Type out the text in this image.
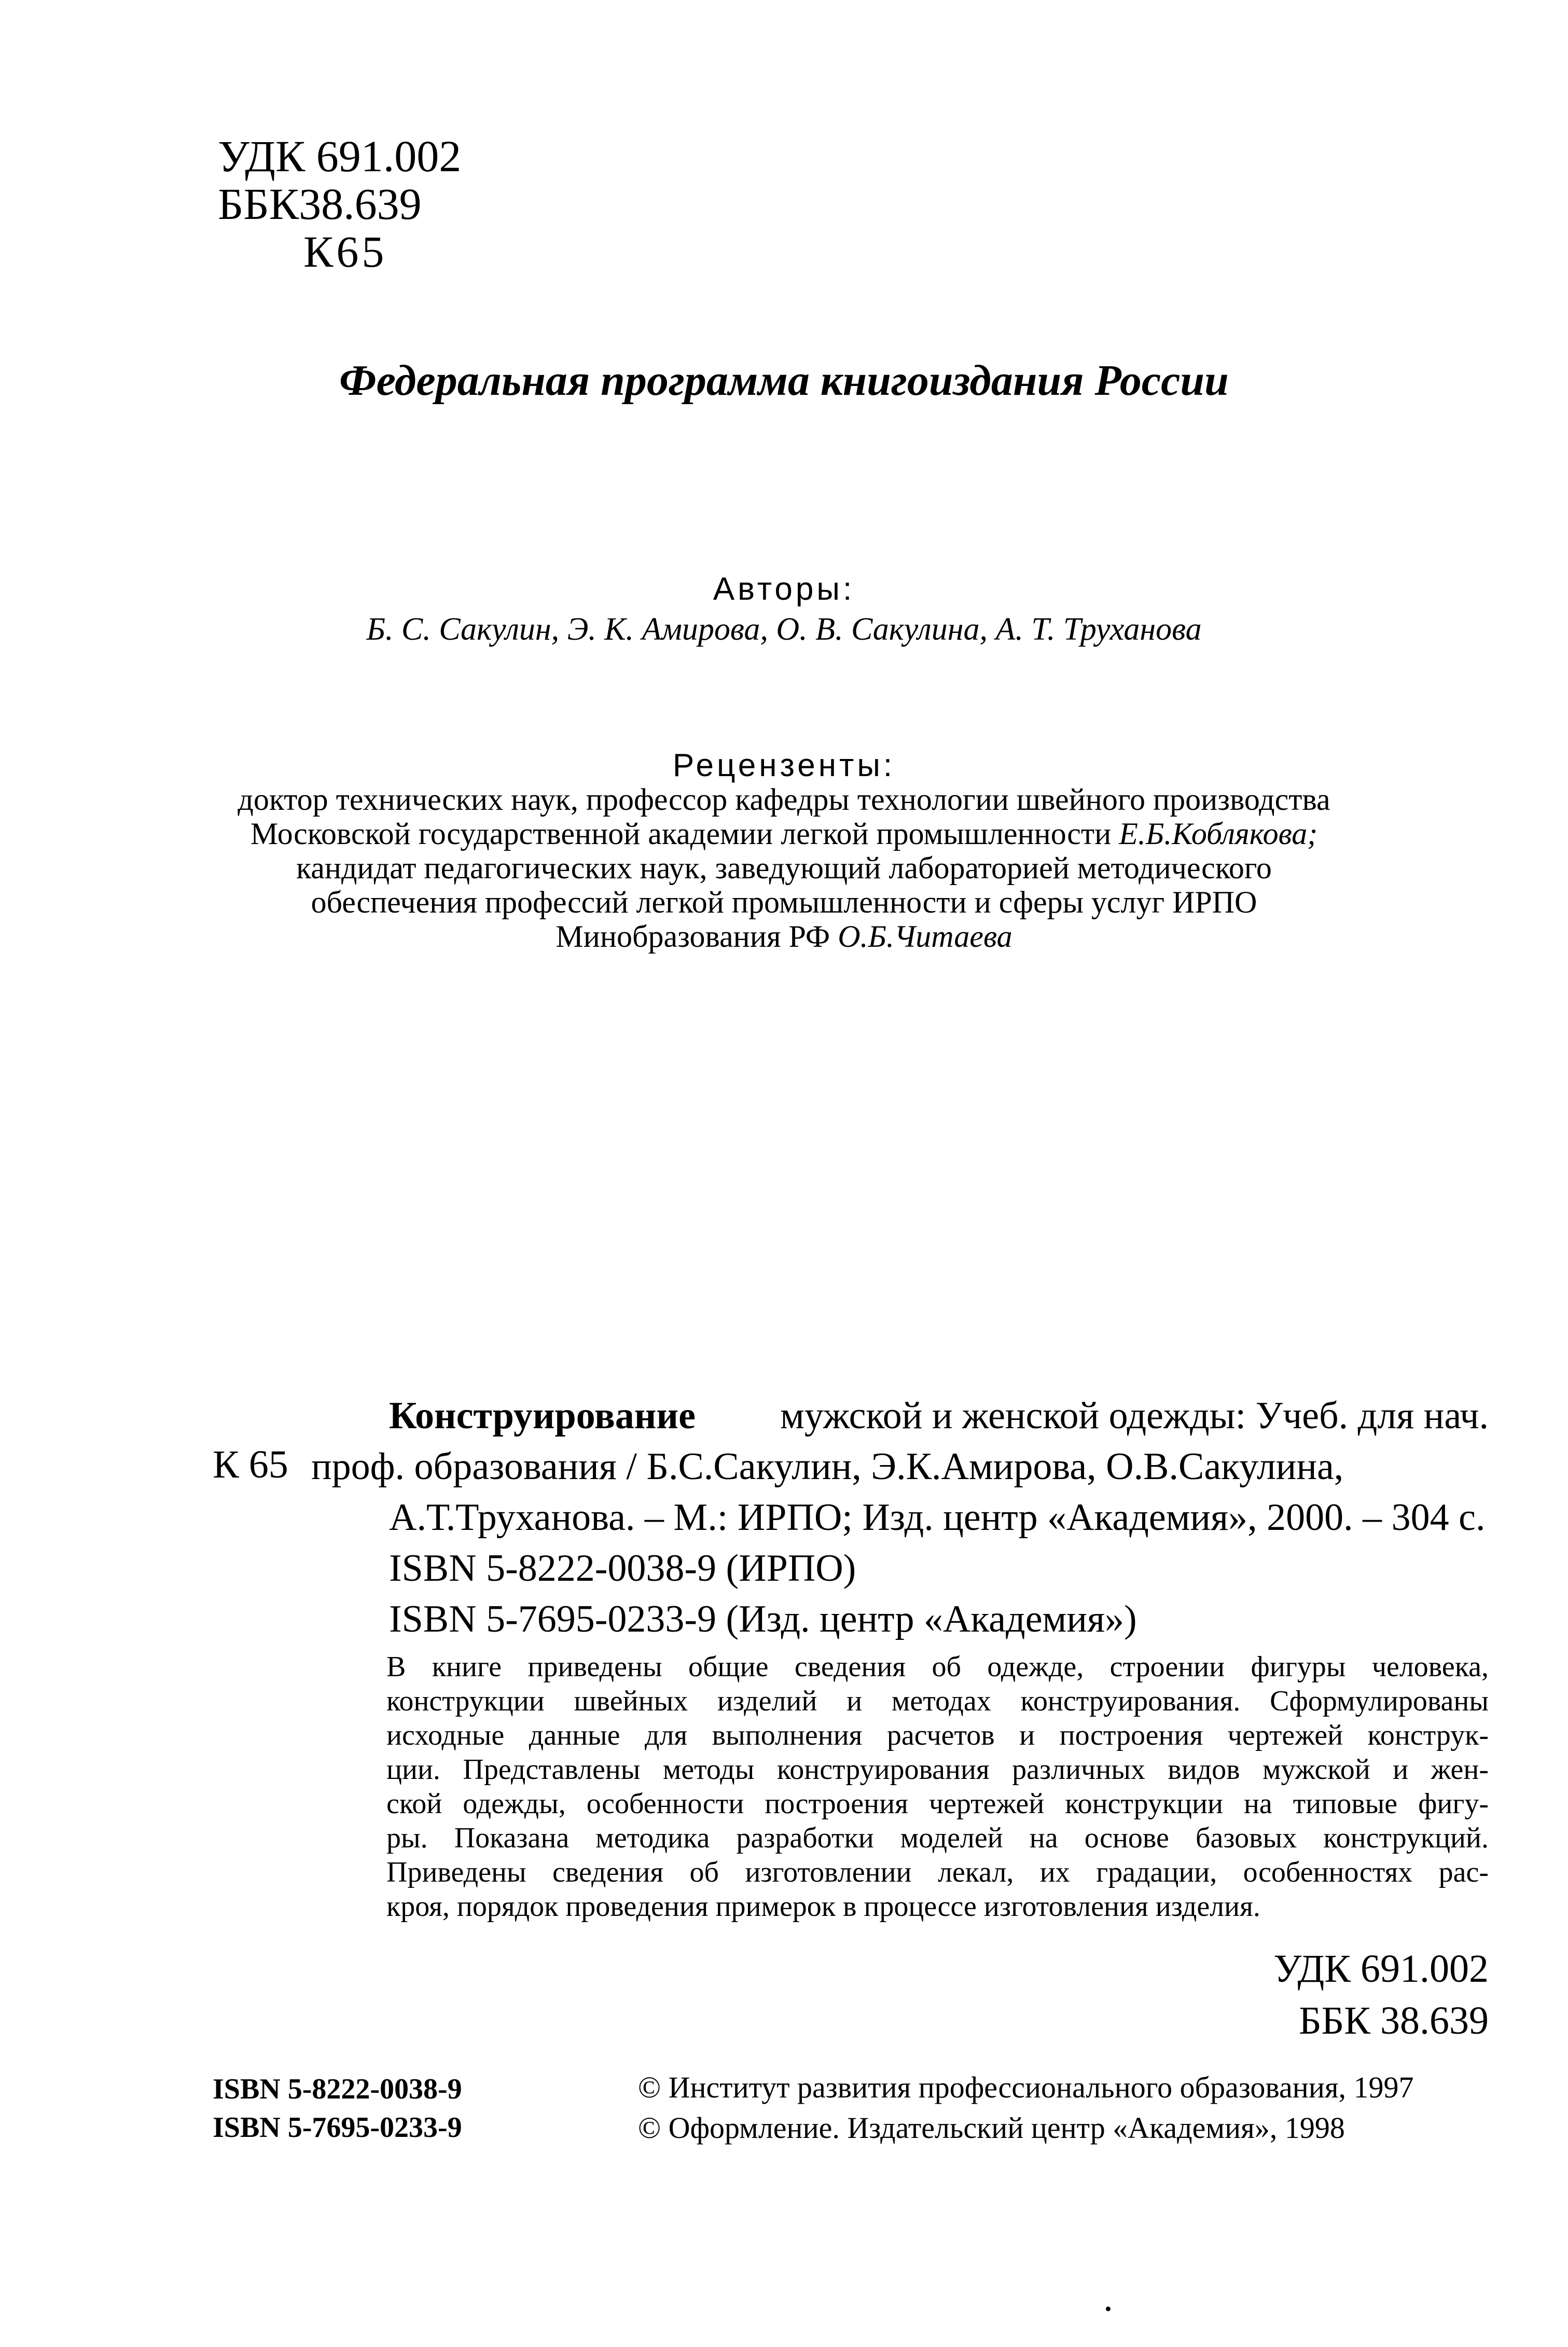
УДК 691.002
ББК38.639
К65
Федеральная программа книгоиздания России
Авторы:
Б. С. Сакулин, Э. К. Амирова, О. В. Сакулина, А. Т. Труханова
Рецензенты:
доктор технических наук, профессор кафедры технологии швейного производства
Московской государственной академии легкой промышленности Е.Б.Коблякова;
кандидат педагогических наук, заведующий лабораторией методического
обеспечения профессий легкой промышленности и сферы услуг ИРПО
Минобразования РФ О.Б.Читаева
К 65
Конструирование мужской и женской одежды: Учеб. для нач.
проф. образования / Б.С.Сакулин, Э.К.Амирова, О.В.Сакулина,
А.Т.Труханова. – М.: ИРПО; Изд. центр «Академия», 2000. – 304 с.
ISBN 5-8222-0038-9 (ИРПО)
ISBN 5-7695-0233-9 (Изд. центр «Академия»)
В книге приведены общие сведения об одежде, строении фигуры человека,
конструкции швейных изделий и методах конструирования. Сформулированы
исходные данные для выполнения расчетов и построения чертежей конструк-
ции. Представлены методы конструирования различных видов мужской и жен-
ской одежды, особенности построения чертежей конструкции на типовые фигу-
ры. Показана методика разработки моделей на основе базовых конструкций.
Приведены сведения об изготовлении лекал, их градации, особенностях рас-
кроя, порядок проведения примерок в процессе изготовления изделия.
УДК 691.002
ББК 38.639
ISBN 5-8222-0038-9
ISBN 5-7695-0233-9
© Институт развития профессионального образования, 1997
© Оформление. Издательский центр «Академия», 1998
